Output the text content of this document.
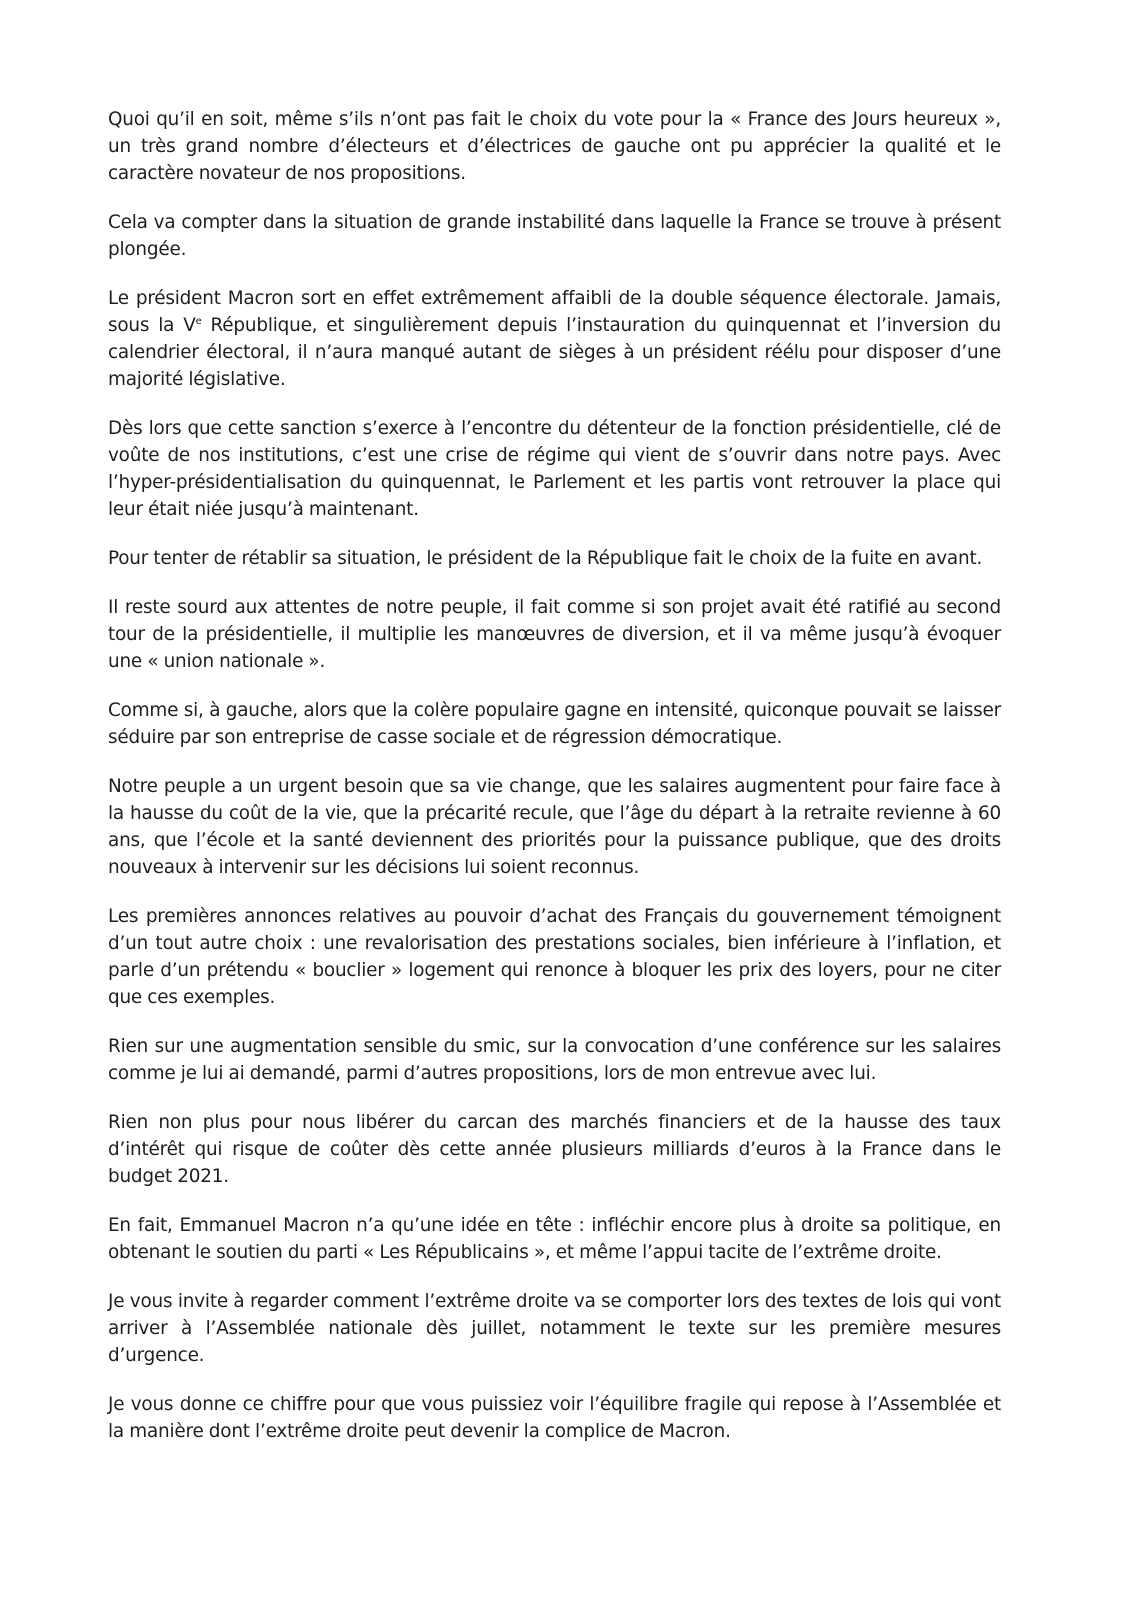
Quoi qu’il en soit, même s’ils n’ont pas fait le choix du vote pour la « France des Jours heureux », un très grand nombre d’électeurs et d’électrices de gauche ont pu apprécier la qualité et le caractère novateur de nos propositions.

Cela va compter dans la situation de grande instabilité dans laquelle la France se trouve à présent plongée.

Le président Macron sort en effet extrêmement affaibli de la double séquence électorale. Jamais, sous la Ve République, et singulièrement depuis l’instauration du quinquennat et l’inversion du calendrier électoral, il n’aura manqué autant de sièges à un président réélu pour disposer d’une majorité législative.

Dès lors que cette sanction s’exerce à l’encontre du détenteur de la fonction présidentielle, clé de voûte de nos institutions, c’est une crise de régime qui vient de s’ouvrir dans notre pays. Avec l’hyper-présidentialisation du quinquennat, le Parlement et les partis vont retrouver la place qui leur était niée jusqu’à maintenant.

Pour tenter de rétablir sa situation, le président de la République fait le choix de la fuite en avant.

Il reste sourd aux attentes de notre peuple, il fait comme si son projet avait été ratifié au second tour de la présidentielle, il multiplie les manœuvres de diversion, et il va même jusqu’à évoquer une « union nationale ».

Comme si, à gauche, alors que la colère populaire gagne en intensité, quiconque pouvait se laisser séduire par son entreprise de casse sociale et de régression démocratique.

Notre peuple a un urgent besoin que sa vie change, que les salaires augmentent pour faire face à la hausse du coût de la vie, que la précarité recule, que l’âge du départ à la retraite revienne à 60 ans, que l’école et la santé deviennent des priorités pour la puissance publique, que des droits nouveaux à intervenir sur les décisions lui soient reconnus.

Les premières annonces relatives au pouvoir d’achat des Français du gouvernement témoignent d’un tout autre choix : une revalorisation des prestations sociales, bien inférieure à l’inflation, et parle d’un prétendu « bouclier » logement qui renonce à bloquer les prix des loyers, pour ne citer que ces exemples.

Rien sur une augmentation sensible du smic, sur la convocation d’une conférence sur les salaires comme je lui ai demandé, parmi d’autres propositions, lors de mon entrevue avec lui.

Rien non plus pour nous libérer du carcan des marchés financiers et de la hausse des taux d’intérêt qui risque de coûter dès cette année plusieurs milliards d’euros à la France dans le budget 2021.

En fait, Emmanuel Macron n’a qu’une idée en tête : infléchir encore plus à droite sa politique, en obtenant le soutien du parti « Les Républicains », et même l’appui tacite de l’extrême droite.

Je vous invite à regarder comment l’extrême droite va se comporter lors des textes de lois qui vont arriver à l’Assemblée nationale dès juillet, notamment le texte sur les première mesures d’urgence.

Je vous donne ce chiffre pour que vous puissiez voir l’équilibre fragile qui repose à l’Assemblée et la manière dont l’extrême droite peut devenir la complice de Macron.
